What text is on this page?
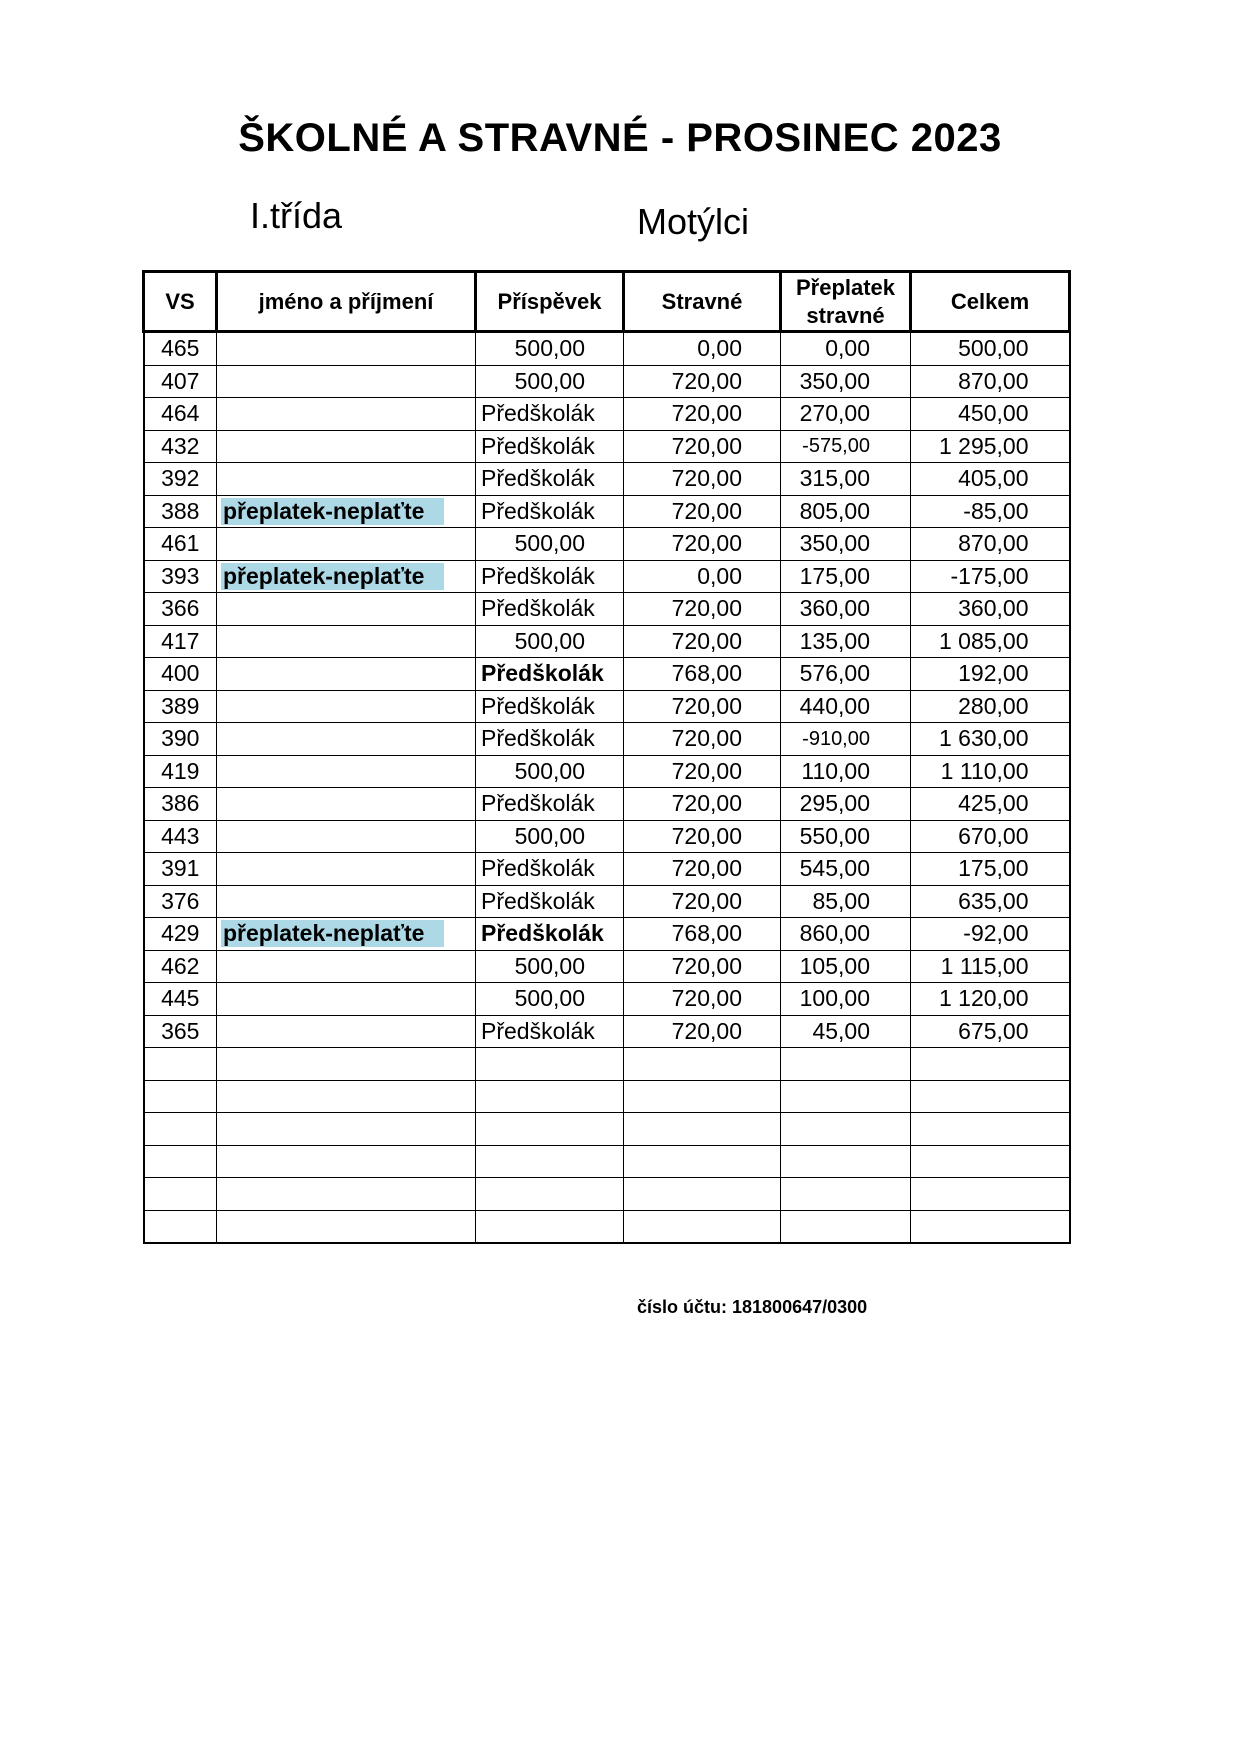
ŠKOLNÉ A STRAVNÉ - PROSINEC 2023
I.třída	Motýlci
VS	jméno a příjmení	Příspěvek	Stravné	Přeplatek stravné	Celkem
465		500,00	0,00	0,00	500,00
407		500,00	720,00	350,00	870,00
464		Předškolák	720,00	270,00	450,00
432		Předškolák	720,00	-575,00	1 295,00
392		Předškolák	720,00	315,00	405,00
388	přeplatek-neplaťte	Předškolák	720,00	805,00	-85,00
461		500,00	720,00	350,00	870,00
393	přeplatek-neplaťte	Předškolák	0,00	175,00	-175,00
366		Předškolák	720,00	360,00	360,00
417		500,00	720,00	135,00	1 085,00
400		Předškolák	768,00	576,00	192,00
389		Předškolák	720,00	440,00	280,00
390		Předškolák	720,00	-910,00	1 630,00
419		500,00	720,00	110,00	1 110,00
386		Předškolák	720,00	295,00	425,00
443		500,00	720,00	550,00	670,00
391		Předškolák	720,00	545,00	175,00
376		Předškolák	720,00	85,00	635,00
429	přeplatek-neplaťte	Předškolák	768,00	860,00	-92,00
462		500,00	720,00	105,00	1 115,00
445		500,00	720,00	100,00	1 120,00
365		Předškolák	720,00	45,00	675,00

číslo účtu: 181800647/0300
